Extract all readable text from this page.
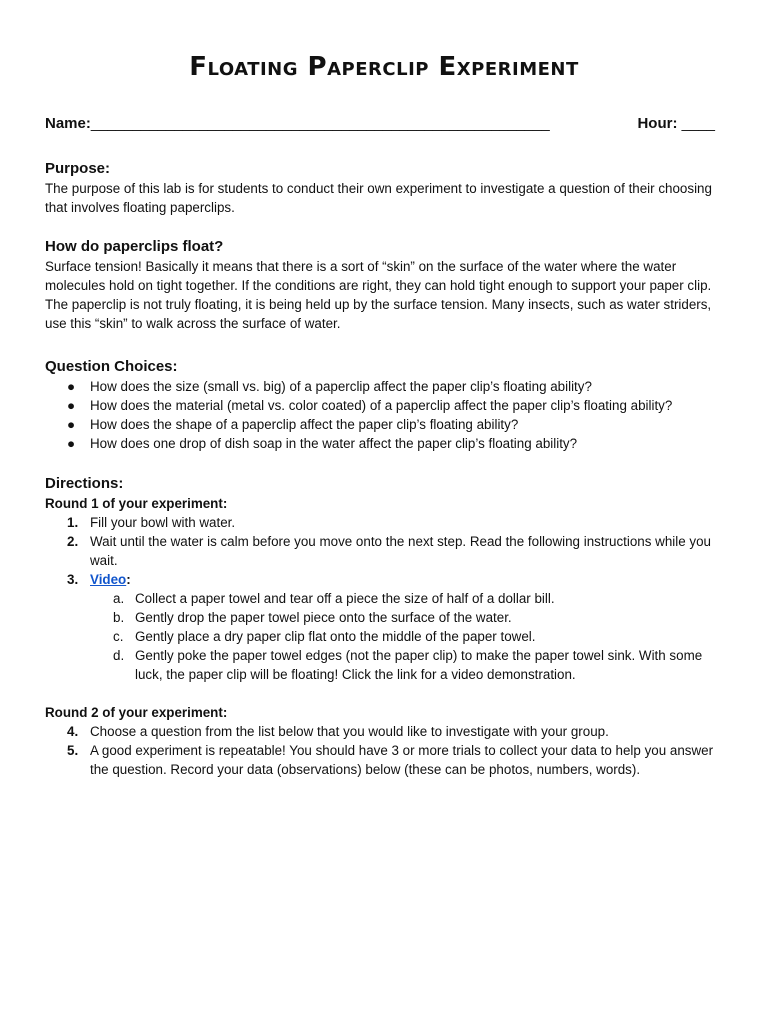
Floating Paperclip Experiment
Name:_______________________________________________________	Hour: ____
Purpose:

The purpose of this lab is for students to conduct their own experiment to investigate a question of their choosing that involves floating paperclips.

How do paperclips float?

Surface tension! Basically it means that there is a sort of “skin” on the surface of the water where the water molecules hold on tight together. If the conditions are right, they can hold tight enough to support your paper clip. The paperclip is not truly floating, it is being held up by the surface tension. Many insects, such as water striders, use this “skin” to walk across the surface of water.

Question Choices:
● How does the size (small vs. big) of a paperclip affect the paper clip’s floating ability?
● How does the material (metal vs. color coated) of a paperclip affect the paper clip’s floating ability?
● How does the shape of a paperclip affect the paper clip’s floating ability?
● How does one drop of dish soap in the water affect the paper clip’s floating ability?
Directions:
Round 1 of your experiment:
1. Fill your bowl with water.
2. Wait until the water is calm before you move onto the next step. Read the following instructions while you wait.
3. Video:
a. Collect a paper towel and tear off a piece the size of half of a dollar bill.
b. Gently drop the paper towel piece onto the surface of the water.
c. Gently place a dry paper clip flat onto the middle of the paper towel.
d. Gently poke the paper towel edges (not the paper clip) to make the paper towel sink. With some luck, the paper clip will be floating! Click the link for a video demonstration.
Round 2 of your experiment:
4. Choose a question from the list below that you would like to investigate with your group.
5. A good experiment is repeatable! You should have 3 or more trials to collect your data to help you answer the question. Record your data (observations) below (these can be photos, numbers, words).
